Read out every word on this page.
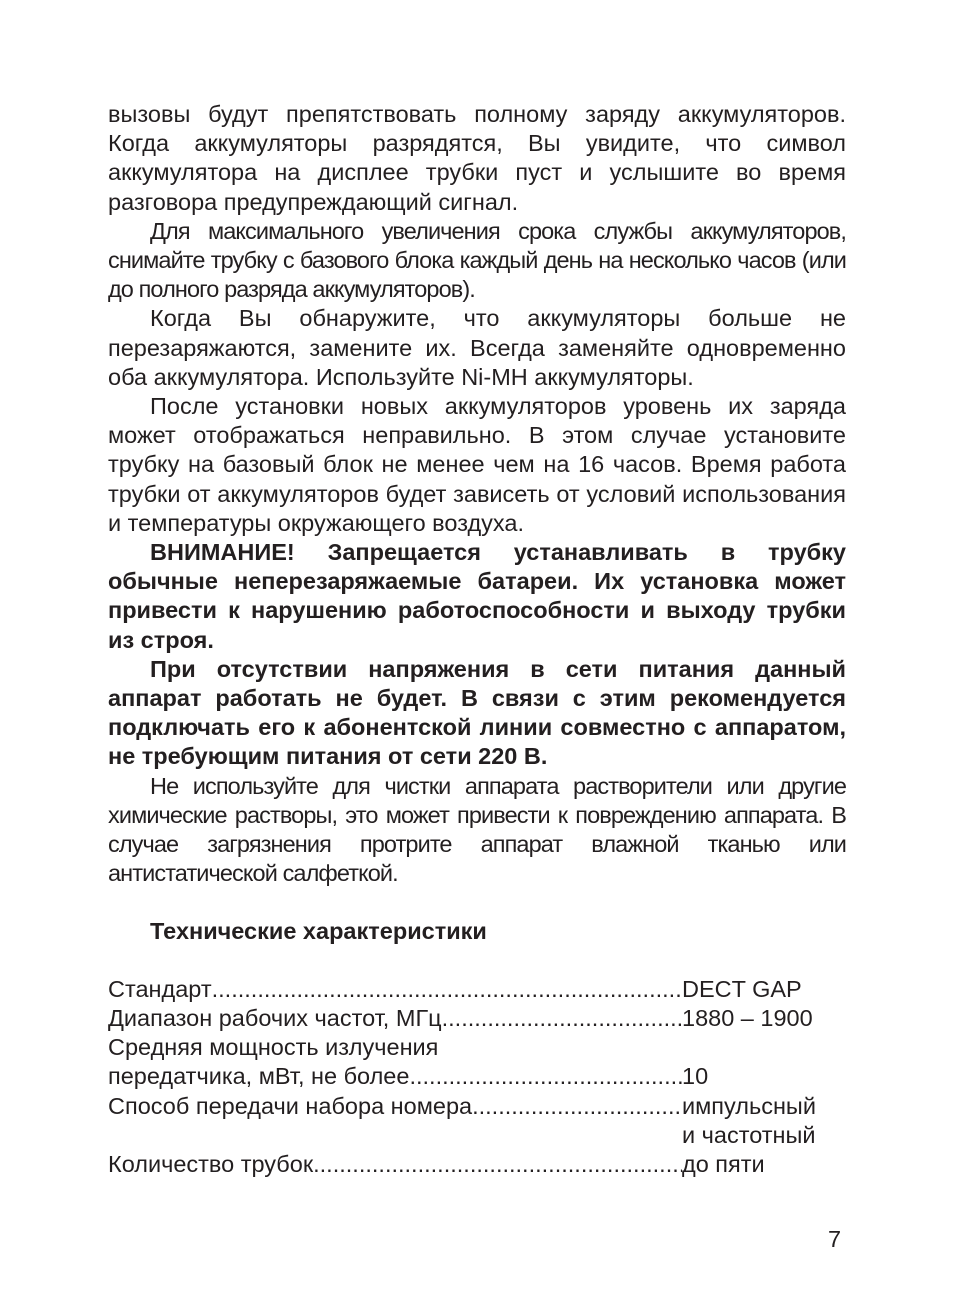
вызовы будут препятствовать полному заряду аккумуляторов. Когда аккумуляторы разрядятся, Вы увидите, что символ аккумулятора на дисплее трубки пуст и услышите во время разговора предупреждающий сигнал.

Для максимального увеличения срока службы аккумуляторов, снимайте трубку с базового блока каждый день на несколько часов (или до полного разряда аккумуляторов).

Когда Вы обнаружите, что аккумуляторы больше не перезаряжаются, замените их. Всегда заменяйте одновременно оба аккумулятора. Используйте Ni-MH аккумуляторы.

После установки новых аккумуляторов уровень их заряда может отображаться неправильно. В этом случае установите трубку на базовый блок не менее чем на 16 часов. Время работа трубки от аккумуляторов будет зависеть от условий использования и температуры окружающего воздуха.

ВНИМАНИЕ! Запрещается устанавливать в трубку обычные неперезаряжаемые батареи. Их установка может привести к нарушению работоспособности и выходу трубки из строя.

При отсутствии напряжения в сети питания данный аппарат работать не будет. В связи с этим рекомендуется подключать его к абонентской линии совместно с аппаратом, не требующим питания от сети 220 В.

Не используйте для чистки аппарата растворители или другие химические растворы, это может привести к повреждению аппарата. В случае загрязнения протрите аппарат влажной тканью или антистатической салфеткой.

Технические характеристики
Стандарт .....	DECT GAP
Диапазон рабочих частот, МГц .....	1880 – 1900
Средняя мощность излучения
передатчика, мВт, не более .....	10
Способ передачи набора номера .....	импульсный
и частотный
Количество трубок .....	до пяти
7
